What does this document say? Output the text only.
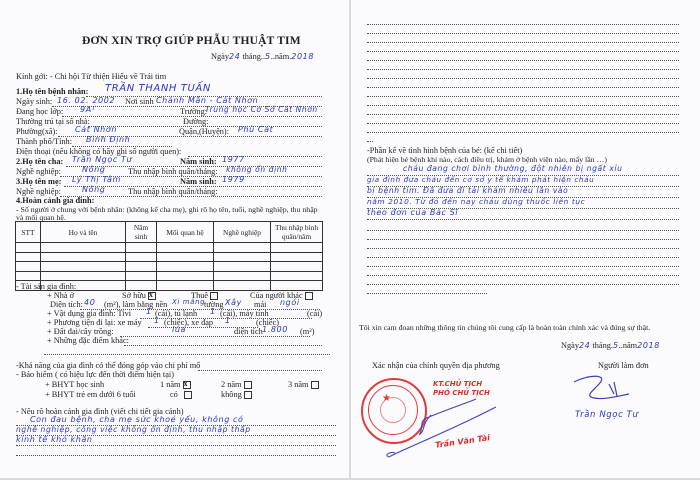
ĐƠN XIN TRỢ GIÚP PHẪU THUẬT TIM
Ngày24 tháng..5..năm.2018
Kính gởi: - Chi hội Từ thiện Hiếu về Trái tim
1.Họ tên bệnh nhân: TRẦN THANH TUẤN
Ngày sinh: 16. 02. 2002 Nơi sinh Chánh Mẫn - Cát Nhơn
Đang học lớp: 9A¹	Trường:
Trung học Cơ Sở Cát Nhơn
Thường trú tại số nhà:	Đường:
Phường(xã): Cát Nhơn	Quận,(Huyện): Phù Cát
Thành phố/Tỉnh: Bình Định
Điện thoại (nếu không có hãy ghi số người quen):
2.Họ tên cha: Trần Ngọc Tư	Năm sinh: 1977
Nghề nghiệp:	Nông	Thu nhập bình quân/tháng: không ổn định
3.Họ tên mẹ: Lý Thị Tâm	Năm sinh: 1979
Nghề nghiệp:	Nông	Thu nhập bình quân/tháng:
4.Hoàn cảnh gia đình:
- Số người ở chung với bệnh nhân: (không kể cha mẹ), ghi rõ họ tên, tuổi, nghề nghiệp, thu nhập
và mối quan hệ.
STT	Họ và tên	Năm sinh	Mối quan hệ	Nghề nghiệp	Thu nhập bình quân/năm

- Tài sản gia đình:
+ Nhà ở	Sở hữu x	Thuê	Của người khác
Diện tích: 40 (m²), làm bằng nền Xi măng
tường Xây mái ngói
+ Vật dụng gia đình: Tivi 1 (cái), tủ lạnh 1 (cái), máy tính	(cái)
+ Phương tiện đi lại: xe máy 1 (chiếc), xe đạp 1	(chiếc)
+ Đất đai/cây trồng:	lúa	diện tích 1.800 (m²)
+ Những đặc điểm khác:
-Khả năng của gia đình có thể đóng góp vào chi phí mổ
- Bảo hiểm ( có hiệu lực đến thời điểm hiện tại)
+ BHYT học sinh	1 năm x	2 năm	3 năm
+ BHYT trẻ em dưới 6 tuổi	có	không
- Nêu rõ hoàn cảnh gia đình (viết chi tiết gia cảnh)
Con đau bệnh, cha mẹ sức khoẻ yếu, không có
nghề nghiệp, công việc không ổn định, thu nhập thấp
kinh tế khó khăn
-Phần kể về tình hình bệnh của bé: (kể chi tiết)
(Phát hiện bé bệnh khi nào, cách điều trị, khám ở bệnh viện nào, mấy lần …)
cháu đang chơi bình thường, đột nhiên bị ngất xỉu
gia đình đưa cháu đến cơ sở y tế khám phát hiện cháu
bị bệnh tim. Đã đưa đi tái khám nhiều lần vào
năm 2010. Từ đó đến nay cháu dùng thuốc liên tục
theo đơn của Bác Sĩ
Tôi xin cam đoan những thông tin chúng tôi cung cấp là hoàn toàn chính xác và đúng sự thật.
Ngày24 tháng.5..năm2018
Xác nhận của chính quyền địa phương	Người làm đơn
★
KT.CHỦ TỊCH
PHÓ CHỦ TỊCH
Trần Văn Tài
Trần Ngọc Tư
